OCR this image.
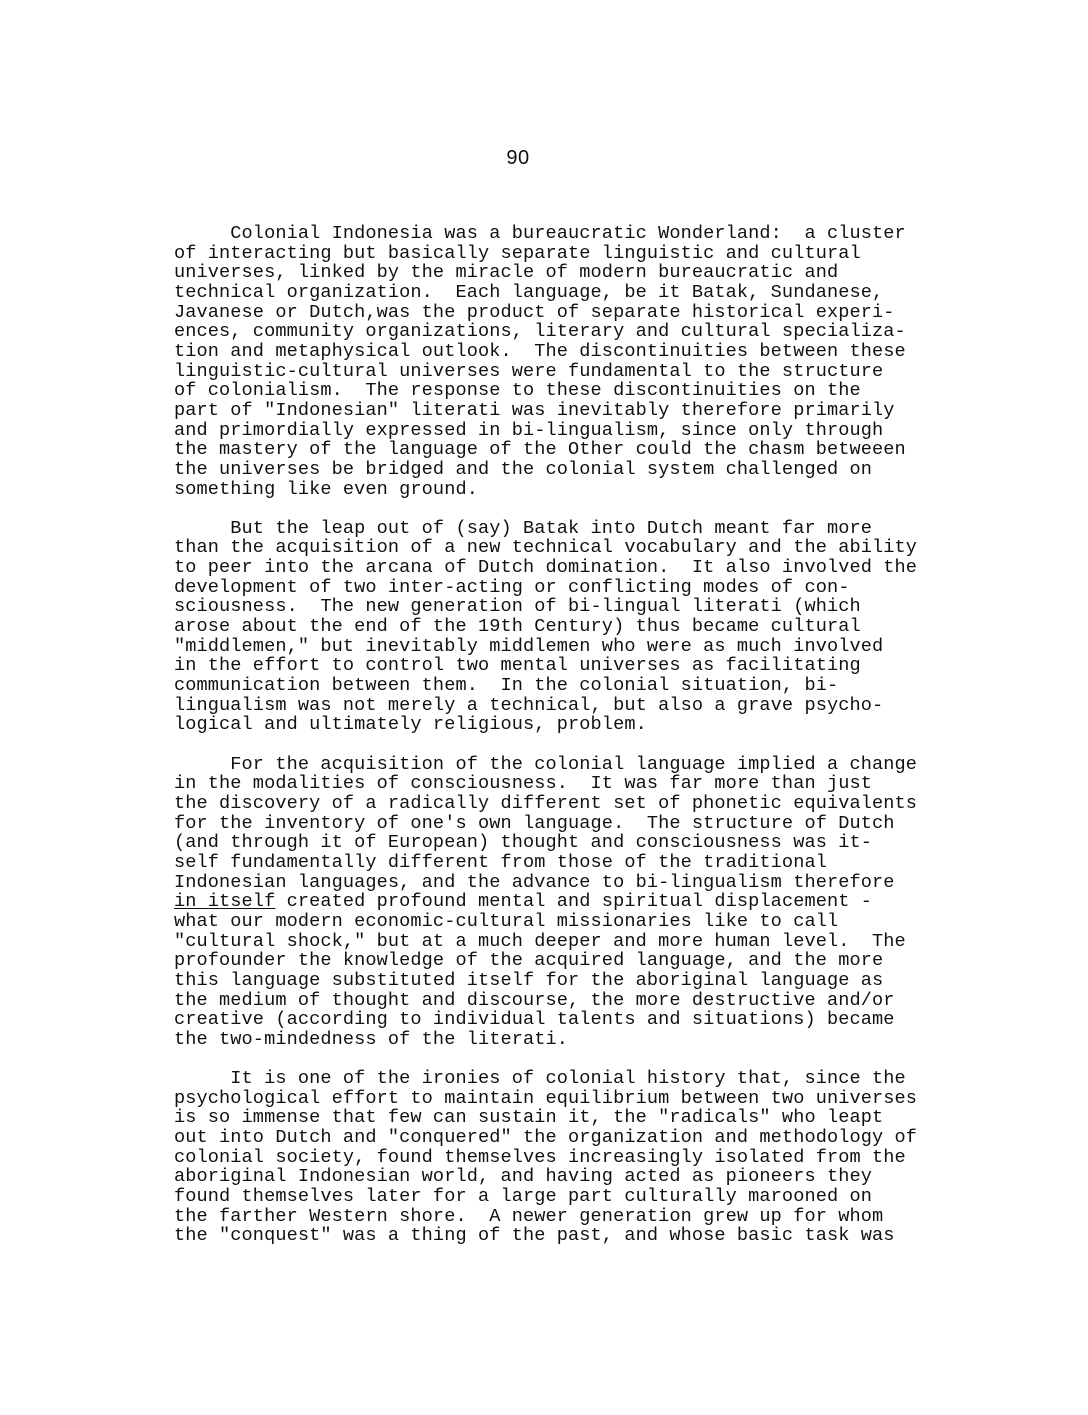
90
Colonial Indonesia was a bureaucratic Wonderland:  a cluster
of interacting but basically separate linguistic and cultural
universes, linked by the miracle of modern bureaucratic and
technical organization.  Each language, be it Batak, Sundanese,
Javanese or Dutch,was the product of separate historical experi-
ences, community organizations, literary and cultural specializa-
tion and metaphysical outlook.  The discontinuities between these
linguistic-cultural universes were fundamental to the structure
of colonialism.  The response to these discontinuities on the
part of "Indonesian" literati was inevitably therefore primarily
and primordially expressed in bi-lingualism, since only through
the mastery of the language of the Other could the chasm betweeen
the universes be bridged and the colonial system challenged on
something like even ground.
But the leap out of (say) Batak into Dutch meant far more
than the acquisition of a new technical vocabulary and the ability
to peer into the arcana of Dutch domination.  It also involved the
development of two inter-acting or conflicting modes of con-
sciousness.  The new generation of bi-lingual literati (which
arose about the end of the 19th Century) thus became cultural
"middlemen," but inevitably middlemen who were as much involved
in the effort to control two mental universes as facilitating
communication between them.  In the colonial situation, bi-
lingualism was not merely a technical, but also a grave psycho-
logical and ultimately religious, problem.
For the acquisition of the colonial language implied a change
in the modalities of consciousness.  It was far more than just
the discovery of a radically different set of phonetic equivalents
for the inventory of one's own language.  The structure of Dutch
(and through it of European) thought and consciousness was it-
self fundamentally different from those of the traditional
Indonesian languages, and the advance to bi-lingualism therefore
in itself created profound mental and spiritual displacement -
what our modern economic-cultural missionaries like to call
"cultural shock," but at a much deeper and more human level.  The
profounder the knowledge of the acquired language, and the more
this language substituted itself for the aboriginal language as
the medium of thought and discourse, the more destructive and/or
creative (according to individual talents and situations) became
the two-mindedness of the literati.
It is one of the ironies of colonial history that, since the
psychological effort to maintain equilibrium between two universes
is so immense that few can sustain it, the "radicals" who leapt
out into Dutch and "conquered" the organization and methodology of
colonial society, found themselves increasingly isolated from the
aboriginal Indonesian world, and having acted as pioneers they
found themselves later for a large part culturally marooned on
the farther Western shore.  A newer generation grew up for whom
the "conquest" was a thing of the past, and whose basic task was
